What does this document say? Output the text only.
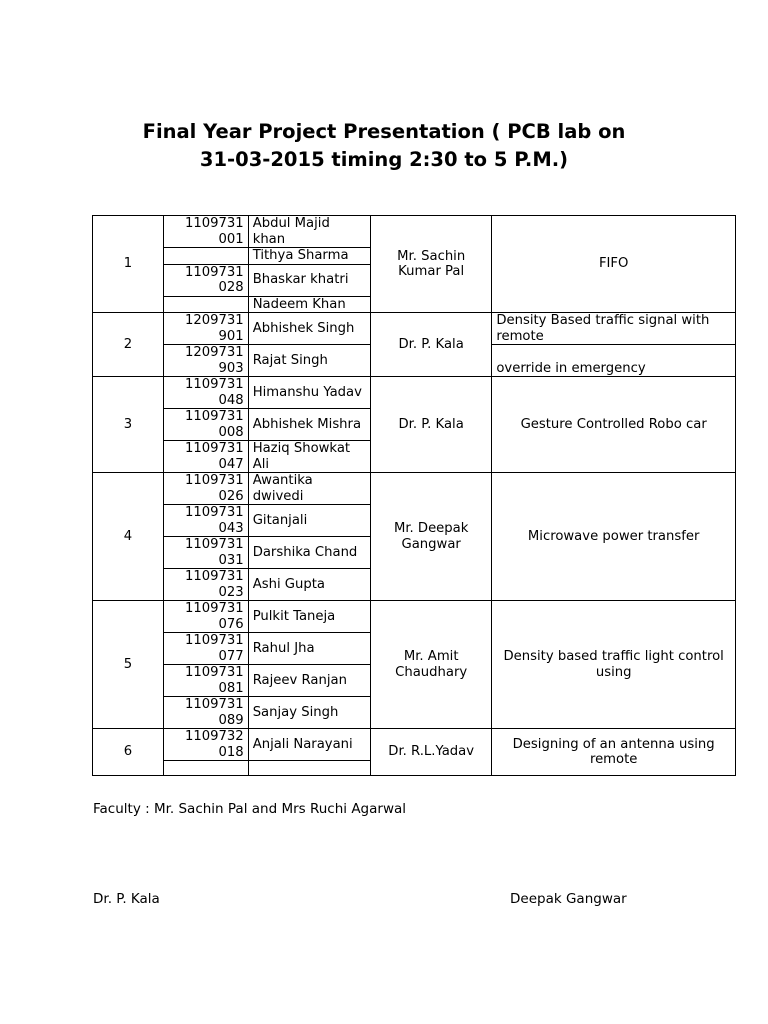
Final Year Project Presentation ( PCB lab on
31-03-2015 timing 2:30 to 5 P.M.)
1	1109731 001	Abdul Majid khan	Mr. Sachin Kumar Pal	FIFO
		Tithya Sharma		
	1109731 028	Bhaskar khatri		
		Nadeem Khan		
2	1209731 901	Abhishek Singh	Dr. P. Kala	Density Based traffic signal with remote
	1209731 903	Rajat Singh		override in emergency
3	1109731 048	Himanshu Yadav	Dr. P. Kala	Gesture Controlled Robo car
	1109731 008	Abhishek Mishra		
	1109731 047	Haziq Showkat Ali		
4	1109731 026	Awantika dwivedi	Mr. Deepak Gangwar	Microwave power transfer
	1109731 043	Gitanjali		
	1109731 031	Darshika Chand		
	1109731 023	Ashi Gupta		
5	1109731 076	Pulkit Taneja	Mr. Amit Chaudhary	Density based traffic light control using
	1109731 077	Rahul Jha		
	1109731 081	Rajeev Ranjan		
	1109731 089	Sanjay Singh		
6	1109732 018	Anjali Narayani	Dr. R.L.Yadav	Designing of an antenna using remote

Faculty : Mr. Sachin Pal and Mrs Ruchi Agarwal
Dr. P. Kala	Deepak Gangwar
